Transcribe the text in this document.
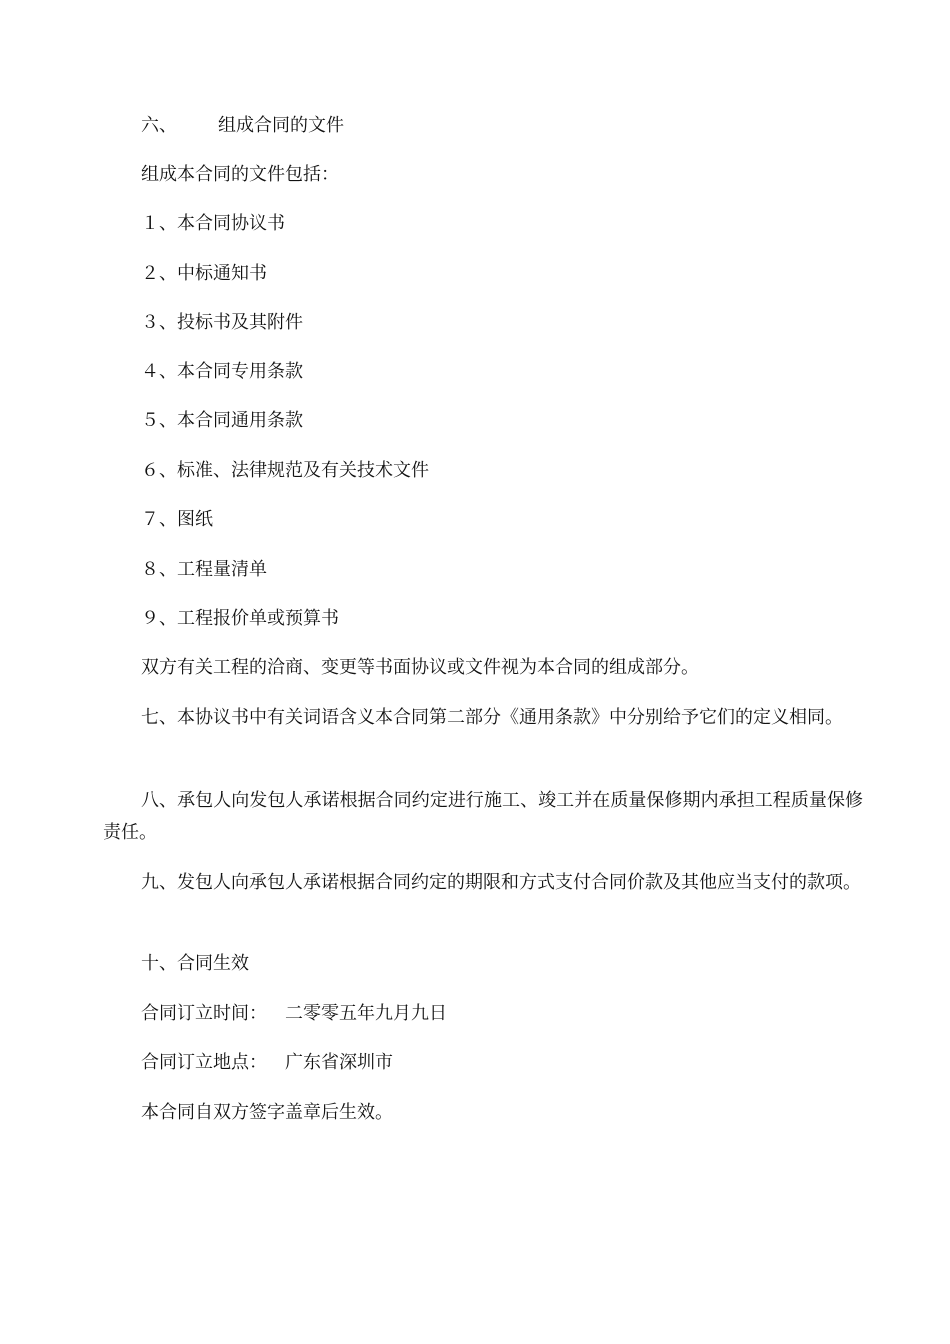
六、 组成合同的文件
组成本合同的文件包括：
１、本合同协议书
２、中标通知书
３、投标书及其附件
４、本合同专用条款
５、本合同通用条款
６、标准、法律规范及有关技术文件
７、图纸
８、工程量清单
９、工程报价单或预算书
双方有关工程的洽商、变更等书面协议或文件视为本合同的组成部分。
七、本协议书中有关词语含义本合同第二部分《通用条款》中分别给予它们的定义相同。
八、承包人向发包人承诺根据合同约定进行施工、竣工并在质量保修期内承担工程质量保修责任。
九、发包人向承包人承诺根据合同约定的期限和方式支付合同价款及其他应当支付的款项。
十、合同生效
合同订立时间： 二零零五年九月九日
合同订立地点： 广东省深圳市
本合同自双方签字盖章后生效。
